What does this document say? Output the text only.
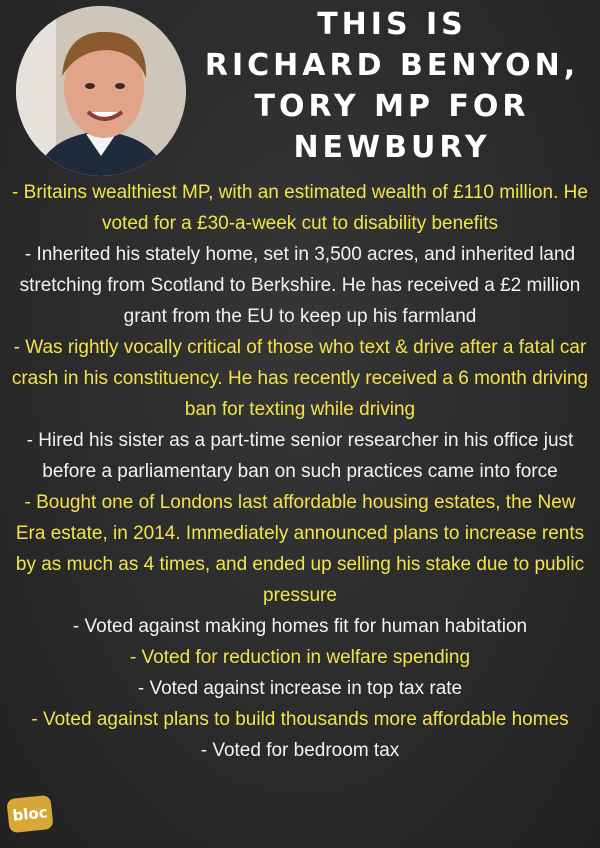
THIS IS
RICHARD BENYON,
TORY MP FOR
NEWBURY

- Britains wealthiest MP, with an estimated wealth of £110 million. He voted for a £30-a-week cut to disability benefits

- Inherited his stately home, set in 3,500 acres, and inherited land stretching from Scotland to Berkshire. He has received a £2 million grant from the EU to keep up his farmland

- Was rightly vocally critical of those who text & drive after a fatal car crash in his constituency. He has recently received a 6 month driving ban for texting while driving

- Hired his sister as a part-time senior researcher in his office just before a parliamentary ban on such practices came into force

- Bought one of Londons last affordable housing estates, the New Era estate, in 2014. Immediately announced plans to increase rents by as much as 4 times, and ended up selling his stake due to public pressure

- Voted against making homes fit for human habitation

- Voted for reduction in welfare spending

- Voted against increase in top tax rate

- Voted against plans to build thousands more affordable homes

- Voted for bedroom tax

bloc
